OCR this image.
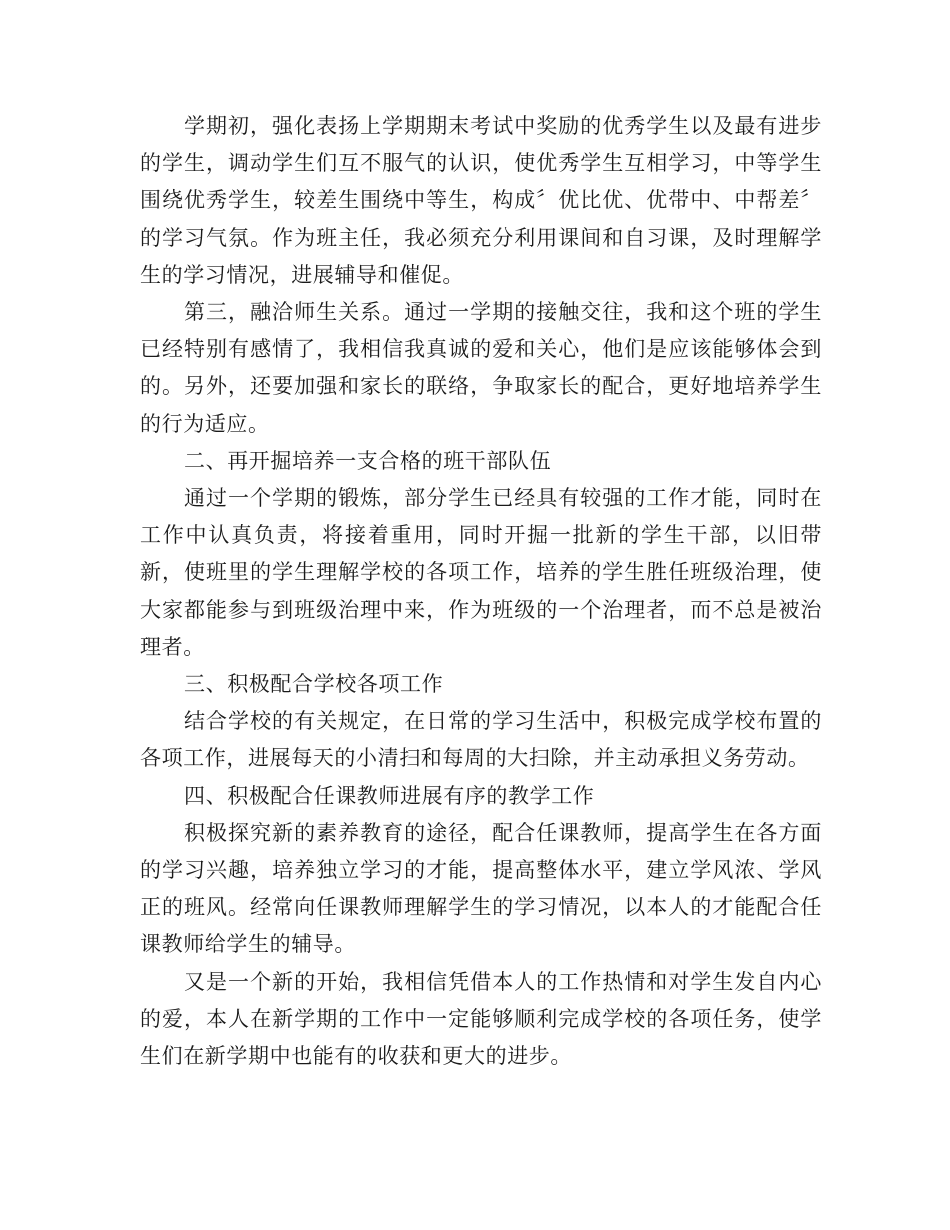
学期初，强化表扬上学期期末考试中奖励的优秀学生以及最有进步的学生，调动学生们互不服气的认识，使优秀学生互相学习，中等学生围绕优秀学生，较差生围绕中等生，构成〞优比优、优带中、中帮差〞的学习气氛。作为班主任，我必须充分利用课间和自习课，及时理解学生的学习情况，进展辅导和催促。

第三，融洽师生关系。通过一学期的接触交往，我和这个班的学生已经特别有感情了，我相信我真诚的爱和关心，他们是应该能够体会到的。另外，还要加强和家长的联络，争取家长的配合，更好地培养学生的行为适应。

二、再开掘培养一支合格的班干部队伍

通过一个学期的锻炼，部分学生已经具有较强的工作才能，同时在工作中认真负责，将接着重用，同时开掘一批新的学生干部，以旧带新，使班里的学生理解学校的各项工作，培养的学生胜任班级治理，使大家都能参与到班级治理中来，作为班级的一个治理者，而不总是被治理者。

三、积极配合学校各项工作

结合学校的有关规定，在日常的学习生活中，积极完成学校布置的各项工作，进展每天的小清扫和每周的大扫除，并主动承担义务劳动。

四、积极配合任课教师进展有序的教学工作

积极探究新的素养教育的途径，配合任课教师，提高学生在各方面的学习兴趣，培养独立学习的才能，提高整体水平，建立学风浓、学风正的班风。经常向任课教师理解学生的学习情况，以本人的才能配合任课教师给学生的辅导。

又是一个新的开始，我相信凭借本人的工作热情和对学生发自内心的爱，本人在新学期的工作中一定能够顺利完成学校的各项任务，使学生们在新学期中也能有的收获和更大的进步。
